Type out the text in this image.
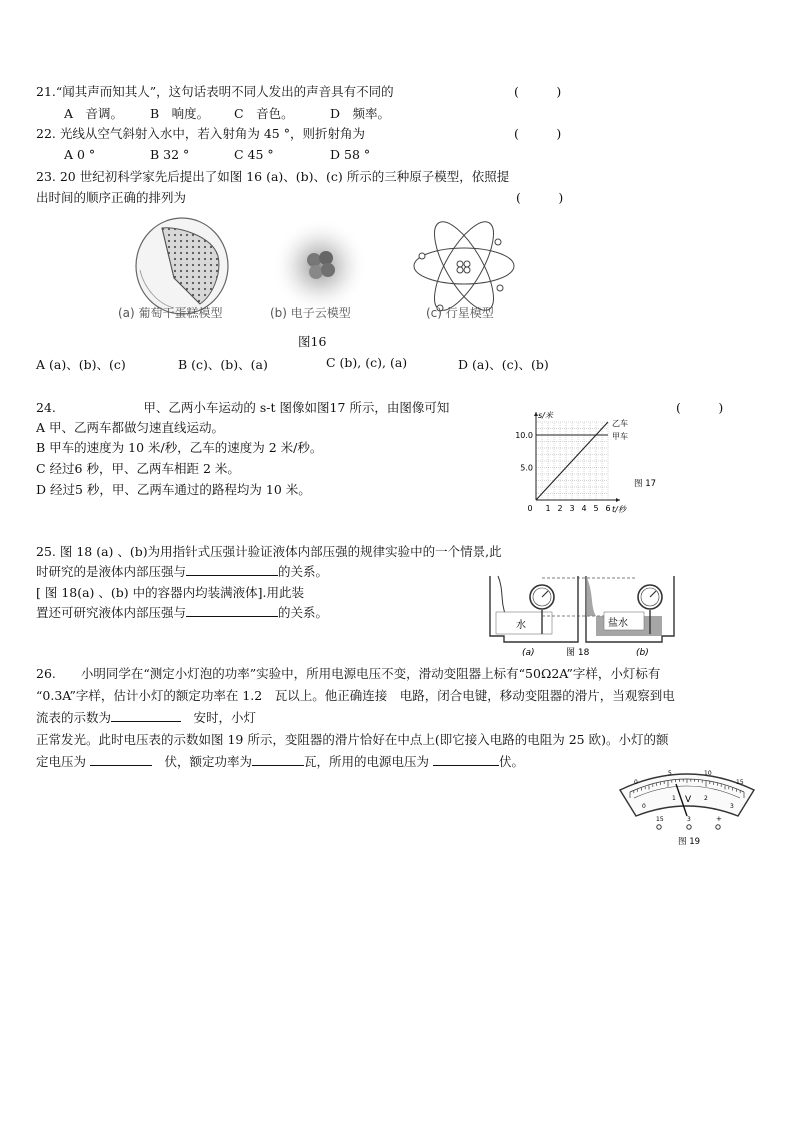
21.“闻其声而知其人”，这句话表明不同人发出的声音具有不同的	(　　　)
A　音调。 B　响度。 C　音色。	D　频率。
22. 光线从空气斜射入水中，若入射角为 45 °，则折射角为	(　　　)
A 0 °	B 32 °	C 45 °	D 58 °
23. 20 世纪初科学家先后提出了如图 16 (a)、(b)、(c) 所示的三种原子模型，依照提
出时间的顺序正确的排列为	(　　　)
(a) 葡萄干蛋糕模型	(b) 电子云模型	(c) 行星模型
图16
A (a)、(b)、(c)	B (c)、(b)、(a)	C (b), (c), (a)	D (a)、(c)、(b)
24.　　　　　　　甲、乙两小车运动的 s-t 图像如图17 所示，由图像可知	(　　　)
A 甲、乙两车都做匀速直线运动。
B 甲车的速度为 10 米/秒，乙车的速度为 2 米/秒。
C 经过6 秒，甲、乙两车相距 2 米。
D 经过5 秒，甲、乙两车通过的路程均为 10 米。
s/米
t/秒
10.0
5.0
0 1 2 3 4 5 6
乙车
甲车
图 17
25. 图 18 (a) 、(b)为用指针式压强计验证液体内部压强的规律实验中的一个情景,此
时研究的是液体内部压强与	的关系。
[ 图 18(a) 、(b) 中的容器内均装满液体].用此装
置还可研究液体内部压强与	的关系。
水	盐水
(a)	图 18	(b)
26.　　小明同学在“测定小灯泡的功率”实验中，所用电源电压不变，滑动变阻器上标有“50Ω2A”字样，小灯标有
“0.3A”字样，估计小灯的额定功率在 1.2　瓦以上。他正确连接　电路，闭合电键，移动变阻器的滑片，当观察到电
流表的示数为	　安时，小灯
正常发光。此时电压表的示数如图 19 所示，变阻器的滑片恰好在中点上(即它接入电路的电阻为 25 欧)。小灯的额
定电压为	　伏，额定功率为	瓦，所用的电源电压为	伏。
V
0
5	10
15
0
1	2
3
15	3	+
图 19
